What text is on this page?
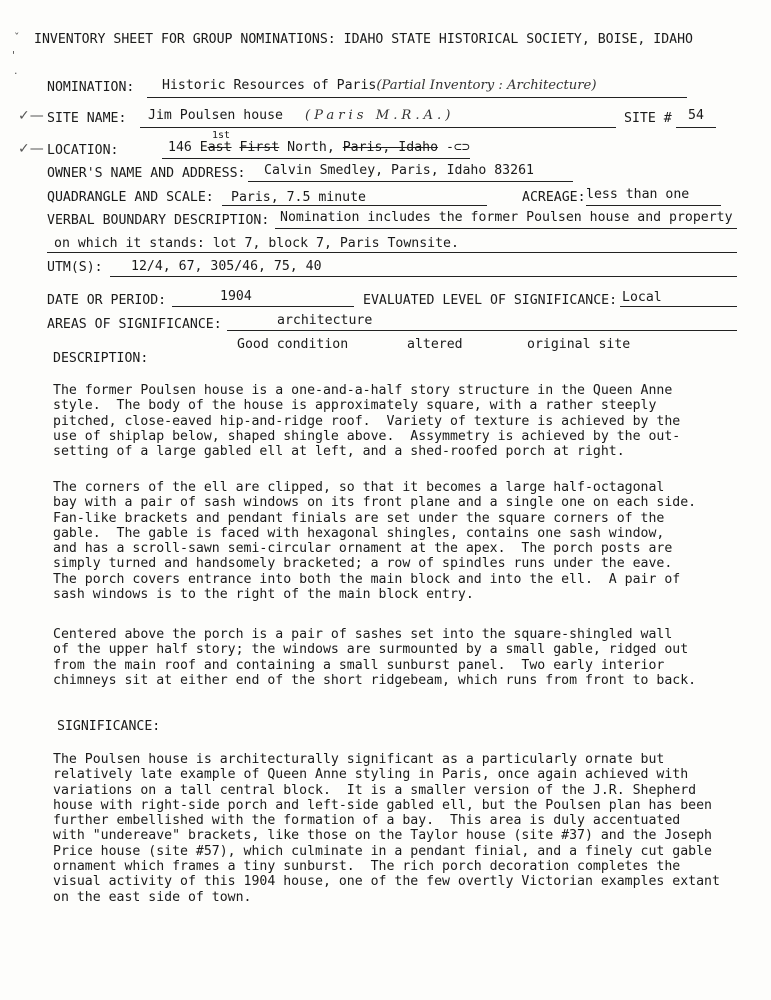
ˇ
'
·
✓—
✓—
INVENTORY SHEET FOR GROUP NOMINATIONS: IDAHO STATE HISTORICAL SOCIETY, BOISE, IDAHO
NOMINATION: Historic Resources of Paris(Partial Inventory : Architecture)
SITE NAME: Jim Poulsen house (Paris M.R.A.)	SITE # 54
LOCATION:
1st
146 East First North, Paris, Idaho -⊂⊃
OWNER'S NAME AND ADDRESS: Calvin Smedley, Paris, Idaho 83261
QUADRANGLE AND SCALE: Paris, 7.5 minute	ACREAGE: less than one
VERBAL BOUNDARY DESCRIPTION: Nomination includes the former Poulsen house and property
on which it stands: lot 7, block 7, Paris Townsite.
UTM(S): 12/4, 67, 305/46, 75, 40
DATE OR PERIOD:	1904	EVALUATED LEVEL OF SIGNIFICANCE: Local
AREAS OF SIGNIFICANCE:	architecture
Good condition	altered	original site
DESCRIPTION:
The former Poulsen house is a one-and-a-half story structure in the Queen Anne
style.  The body of the house is approximately square, with a rather steeply
pitched, close-eaved hip-and-ridge roof.  Variety of texture is achieved by the
use of shiplap below, shaped shingle above.  Assymmetry is achieved by the out-
setting of a large gabled ell at left, and a shed-roofed porch at right.
The corners of the ell are clipped, so that it becomes a large half-octagonal
bay with a pair of sash windows on its front plane and a single one on each side.
Fan-like brackets and pendant finials are set under the square corners of the
gable.  The gable is faced with hexagonal shingles, contains one sash window,
and has a scroll-sawn semi-circular ornament at the apex.  The porch posts are
simply turned and handsomely bracketed; a row of spindles runs under the eave.
The porch covers entrance into both the main block and into the ell.  A pair of
sash windows is to the right of the main block entry.
Centered above the porch is a pair of sashes set into the square-shingled wall
of the upper half story; the windows are surmounted by a small gable, ridged out
from the main roof and containing a small sunburst panel.  Two early interior
chimneys sit at either end of the short ridgebeam, which runs from front to back.
SIGNIFICANCE:
The Poulsen house is architecturally significant as a particularly ornate but
relatively late example of Queen Anne styling in Paris, once again achieved with
variations on a tall central block.  It is a smaller version of the J.R. Shepherd
house with right-side porch and left-side gabled ell, but the Poulsen plan has been
further embellished with the formation of a bay.  This area is duly accentuated
with "undereave" brackets, like those on the Taylor house (site #37) and the Joseph
Price house (site #57), which culminate in a pendant finial, and a finely cut gable
ornament which frames a tiny sunburst.  The rich porch decoration completes the
visual activity of this 1904 house, one of the few overtly Victorian examples extant
on the east side of town.
